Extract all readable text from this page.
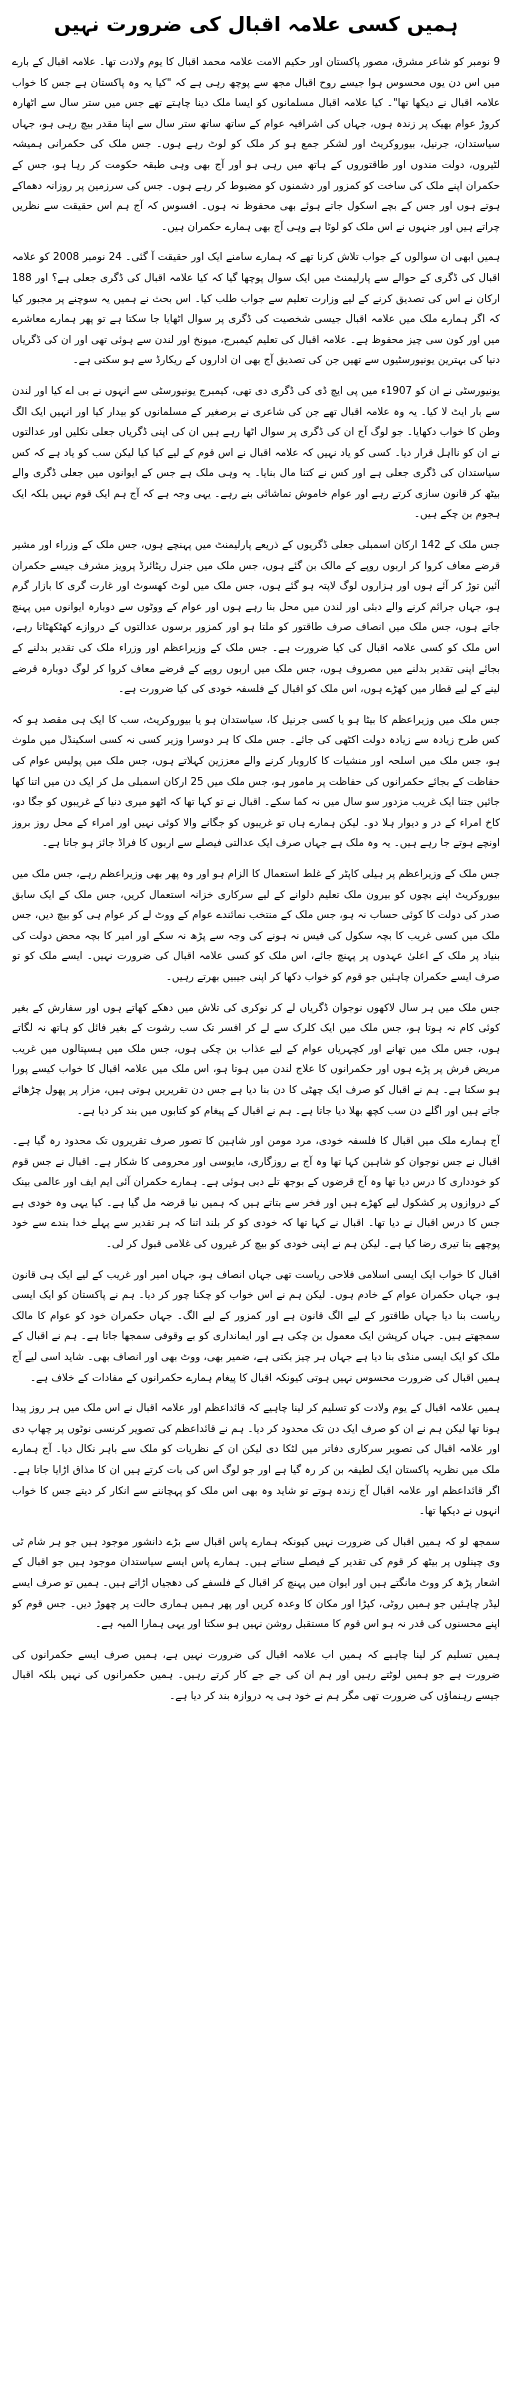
ہمیں کسی علامہ اقبال کی ضرورت نہیں

9 نومبر کو شاعر مشرق، مصور پاکستان اور حکیم الامت علامہ محمد اقبال کا یوم ولادت تھا۔ علامہ اقبال کے بارے میں اس دن یوں محسوس ہوا جیسے روح اقبال مجھ سے پوچھ رہی ہے کہ "کیا یہ وہ پاکستان ہے جس کا خواب علامہ اقبال نے دیکھا تھا"۔ کیا علامہ اقبال مسلمانوں کو ایسا ملک دینا چاہتے تھے جس میں ستر سال سے اٹھارہ کروڑ عوام بھیک پر زندہ ہوں، جہاں کی اشرافیہ عوام کے ساتھ ساتھ ستر سال سے اپنا مقدر بیچ رہی ہو، جہاں سیاستدان، جرنیل، بیوروکریٹ اور لشکر جمع ہو کر ملک کو لوٹ رہے ہوں۔ جس ملک کی حکمرانی ہمیشہ لٹیروں، دولت مندوں اور طاقتوروں کے ہاتھ میں رہی ہو اور آج بھی وہی طبقہ حکومت کر رہا ہو، جس کے حکمران اپنے ملک کی ساخت کو کمزور اور دشمنوں کو مضبوط کر رہے ہوں۔ جس کی سرزمین پر روزانہ دھماکے ہوتے ہوں اور جس کے بچے اسکول جاتے ہوئے بھی محفوظ نہ ہوں۔ افسوس کہ آج ہم اس حقیقت سے نظریں چراتے ہیں اور جنہوں نے اس ملک کو لوٹا ہے وہی آج بھی ہمارے حکمران ہیں۔

ہمیں ابھی ان سوالوں کے جواب تلاش کرنا تھے کہ ہمارے سامنے ایک اور حقیقت آ گئی۔ 24 نومبر 2008 کو علامہ اقبال کی ڈگری کے حوالے سے پارلیمنٹ میں ایک سوال پوچھا گیا کہ کیا علامہ اقبال کی ڈگری جعلی ہے؟ اور 188 ارکان نے اس کی تصدیق کرنے کے لیے وزارت تعلیم سے جواب طلب کیا۔ اس بحث نے ہمیں یہ سوچنے پر مجبور کیا کہ اگر ہمارے ملک میں علامہ اقبال جیسی شخصیت کی ڈگری پر سوال اٹھایا جا سکتا ہے تو پھر ہمارے معاشرے میں اور کون سی چیز محفوظ ہے۔ علامہ اقبال کی تعلیم کیمبرج، میونخ اور لندن سے ہوئی تھی اور ان کی ڈگریاں دنیا کی بہترین یونیورسٹیوں سے تھیں جن کی تصدیق آج بھی ان اداروں کے ریکارڈ سے ہو سکتی ہے۔

یونیورسٹی نے ان کو 1907ء میں پی ایچ ڈی کی ڈگری دی تھی، کیمبرج یونیورسٹی سے انہوں نے بی اے کیا اور لندن سے بار ایٹ لا کیا۔ یہ وہ علامہ اقبال تھے جن کی شاعری نے برصغیر کے مسلمانوں کو بیدار کیا اور انہیں ایک الگ وطن کا خواب دکھایا۔ جو لوگ آج ان کی ڈگری پر سوال اٹھا رہے ہیں ان کی اپنی ڈگریاں جعلی نکلیں اور عدالتوں نے ان کو نااہل قرار دیا۔ کسی کو یاد نہیں کہ علامہ اقبال نے اس قوم کے لیے کیا کیا لیکن سب کو یاد ہے کہ کس سیاستدان کی ڈگری جعلی ہے اور کس نے کتنا مال بنایا۔ یہ وہی ملک ہے جس کے ایوانوں میں جعلی ڈگری والے بیٹھ کر قانون سازی کرتے رہے اور عوام خاموش تماشائی بنے رہے۔ یہی وجہ ہے کہ آج ہم ایک قوم نہیں بلکہ ایک ہجوم بن چکے ہیں۔

جس ملک کے 142 ارکان اسمبلی جعلی ڈگریوں کے ذریعے پارلیمنٹ میں پہنچے ہوں، جس ملک کے وزراء اور مشیر قرضے معاف کروا کر اربوں روپے کے مالک بن گئے ہوں، جس ملک میں جنرل ریٹائرڈ پرویز مشرف جیسے حکمران آئین توڑ کر آئے ہوں اور ہزاروں لوگ لاپتہ ہو گئے ہوں، جس ملک میں لوٹ کھسوٹ اور غارت گری کا بازار گرم ہو، جہاں جرائم کرنے والے دبئی اور لندن میں محل بنا رہے ہوں اور عوام کے ووٹوں سے دوبارہ ایوانوں میں پہنچ جاتے ہوں، جس ملک میں انصاف صرف طاقتور کو ملتا ہو اور کمزور برسوں عدالتوں کے دروازے کھٹکھٹاتا رہے، اس ملک کو کسی علامہ اقبال کی کیا ضرورت ہے۔ جس ملک کے وزیراعظم اور وزراء ملک کی تقدیر بدلنے کے بجائے اپنی تقدیر بدلنے میں مصروف ہوں، جس ملک میں اربوں روپے کے قرضے معاف کروا کر لوگ دوبارہ قرضے لینے کے لیے قطار میں کھڑے ہوں، اس ملک کو اقبال کے فلسفہ خودی کی کیا ضرورت ہے۔

جس ملک میں وزیراعظم کا بیٹا ہو یا کسی جرنیل کا، سیاستدان ہو یا بیوروکریٹ، سب کا ایک ہی مقصد ہو کہ کس طرح زیادہ سے زیادہ دولت اکٹھی کی جائے۔ جس ملک کا ہر دوسرا وزیر کسی نہ کسی اسکینڈل میں ملوث ہو، جس ملک میں اسلحہ اور منشیات کا کاروبار کرنے والے معززین کہلاتے ہوں، جس ملک میں پولیس عوام کی حفاظت کے بجائے حکمرانوں کی حفاظت پر مامور ہو، جس ملک میں 25 ارکان اسمبلی مل کر ایک دن میں اتنا کھا جائیں جتنا ایک غریب مزدور سو سال میں نہ کما سکے۔ اقبال نے تو کہا تھا کہ اٹھو میری دنیا کے غریبوں کو جگا دو، کاخ امراء کے در و دیوار ہلا دو۔ لیکن ہمارے ہاں تو غریبوں کو جگانے والا کوئی نہیں اور امراء کے محل روز بروز اونچے ہوتے جا رہے ہیں۔ یہ وہ ملک ہے جہاں صرف ایک عدالتی فیصلے سے اربوں کا فراڈ جائز ہو جاتا ہے۔

جس ملک کے وزیراعظم پر ہیلی کاپٹر کے غلط استعمال کا الزام ہو اور وہ پھر بھی وزیراعظم رہے، جس ملک میں بیوروکریٹ اپنے بچوں کو بیرون ملک تعلیم دلوانے کے لیے سرکاری خزانہ استعمال کریں، جس ملک کے ایک سابق صدر کی دولت کا کوئی حساب نہ ہو، جس ملک کے منتخب نمائندے عوام کے ووٹ لے کر عوام ہی کو بیچ دیں، جس ملک میں کسی غریب کا بچہ سکول کی فیس نہ ہونے کی وجہ سے پڑھ نہ سکے اور امیر کا بچہ محض دولت کی بنیاد پر ملک کے اعلیٰ عہدوں پر پہنچ جائے، اس ملک کو کسی علامہ اقبال کی ضرورت نہیں۔ ایسے ملک کو تو صرف ایسے حکمران چاہئیں جو قوم کو خواب دکھا کر اپنی جیبیں بھرتے رہیں۔

جس ملک میں ہر سال لاکھوں نوجوان ڈگریاں لے کر نوکری کی تلاش میں دھکے کھاتے ہوں اور سفارش کے بغیر کوئی کام نہ ہوتا ہو، جس ملک میں ایک کلرک سے لے کر افسر تک سب رشوت کے بغیر فائل کو ہاتھ نہ لگاتے ہوں، جس ملک میں تھانے اور کچہریاں عوام کے لیے عذاب بن چکی ہوں، جس ملک میں ہسپتالوں میں غریب مریض فرش پر پڑے ہوں اور حکمرانوں کا علاج لندن میں ہوتا ہو، اس ملک میں علامہ اقبال کا خواب کیسے پورا ہو سکتا ہے۔ ہم نے اقبال کو صرف ایک چھٹی کا دن بنا دیا ہے جس دن تقریریں ہوتی ہیں، مزار پر پھول چڑھائے جاتے ہیں اور اگلے دن سب کچھ بھلا دیا جاتا ہے۔ ہم نے اقبال کے پیغام کو کتابوں میں بند کر دیا ہے۔

آج ہمارے ملک میں اقبال کا فلسفہ خودی، مرد مومن اور شاہین کا تصور صرف تقریروں تک محدود رہ گیا ہے۔ اقبال نے جس نوجوان کو شاہین کہا تھا وہ آج بے روزگاری، مایوسی اور محرومی کا شکار ہے۔ اقبال نے جس قوم کو خودداری کا درس دیا تھا وہ آج قرضوں کے بوجھ تلے دبی ہوئی ہے۔ ہمارے حکمران آئی ایم ایف اور عالمی بینک کے دروازوں پر کشکول لیے کھڑے ہیں اور فخر سے بتاتے ہیں کہ ہمیں نیا قرضہ مل گیا ہے۔ کیا یہی وہ خودی ہے جس کا درس اقبال نے دیا تھا۔ اقبال نے کہا تھا کہ خودی کو کر بلند اتنا کہ ہر تقدیر سے پہلے خدا بندے سے خود پوچھے بتا تیری رضا کیا ہے۔ لیکن ہم نے اپنی خودی کو بیچ کر غیروں کی غلامی قبول کر لی۔

اقبال کا خواب ایک ایسی اسلامی فلاحی ریاست تھی جہاں انصاف ہو، جہاں امیر اور غریب کے لیے ایک ہی قانون ہو، جہاں حکمران عوام کے خادم ہوں۔ لیکن ہم نے اس خواب کو چکنا چور کر دیا۔ ہم نے پاکستان کو ایک ایسی ریاست بنا دیا جہاں طاقتور کے لیے الگ قانون ہے اور کمزور کے لیے الگ۔ جہاں حکمران خود کو عوام کا مالک سمجھتے ہیں۔ جہاں کرپشن ایک معمول بن چکی ہے اور ایمانداری کو بے وقوفی سمجھا جاتا ہے۔ ہم نے اقبال کے ملک کو ایک ایسی منڈی بنا دیا ہے جہاں ہر چیز بکتی ہے، ضمیر بھی، ووٹ بھی اور انصاف بھی۔ شاید اسی لیے آج ہمیں اقبال کی ضرورت محسوس نہیں ہوتی کیونکہ اقبال کا پیغام ہمارے حکمرانوں کے مفادات کے خلاف ہے۔

ہمیں علامہ اقبال کے یوم ولادت کو تسلیم کر لینا چاہیے کہ قائداعظم اور علامہ اقبال نے اس ملک میں ہر روز پیدا ہونا تھا لیکن ہم نے ان کو صرف ایک دن تک محدود کر دیا۔ ہم نے قائداعظم کی تصویر کرنسی نوٹوں پر چھاپ دی اور علامہ اقبال کی تصویر سرکاری دفاتر میں لٹکا دی لیکن ان کے نظریات کو ملک سے باہر نکال دیا۔ آج ہمارے ملک میں نظریہ پاکستان ایک لطیفہ بن کر رہ گیا ہے اور جو لوگ اس کی بات کرتے ہیں ان کا مذاق اڑایا جاتا ہے۔ اگر قائداعظم اور علامہ اقبال آج زندہ ہوتے تو شاید وہ بھی اس ملک کو پہچاننے سے انکار کر دیتے جس کا خواب انہوں نے دیکھا تھا۔

سمجھ لو کہ ہمیں اقبال کی ضرورت نہیں کیونکہ ہمارے پاس اقبال سے بڑے دانشور موجود ہیں جو ہر شام ٹی وی چینلوں پر بیٹھ کر قوم کی تقدیر کے فیصلے سناتے ہیں۔ ہمارے پاس ایسے سیاستدان موجود ہیں جو اقبال کے اشعار پڑھ کر ووٹ مانگتے ہیں اور ایوان میں پہنچ کر اقبال کے فلسفے کی دھجیاں اڑاتے ہیں۔ ہمیں تو صرف ایسے لیڈر چاہئیں جو ہمیں روٹی، کپڑا اور مکان کا وعدہ کریں اور پھر ہمیں ہماری حالت پر چھوڑ دیں۔ جس قوم کو اپنے محسنوں کی قدر نہ ہو اس قوم کا مستقبل روشن نہیں ہو سکتا اور یہی ہمارا المیہ ہے۔

ہمیں تسلیم کر لینا چاہیے کہ ہمیں اب علامہ اقبال کی ضرورت نہیں ہے، ہمیں صرف ایسے حکمرانوں کی ضرورت ہے جو ہمیں لوٹتے رہیں اور ہم ان کی جے جے کار کرتے رہیں۔ ہمیں حکمرانوں کی نہیں بلکہ اقبال جیسے رہنماؤں کی ضرورت تھی مگر ہم نے خود ہی یہ دروازہ بند کر دیا ہے۔
